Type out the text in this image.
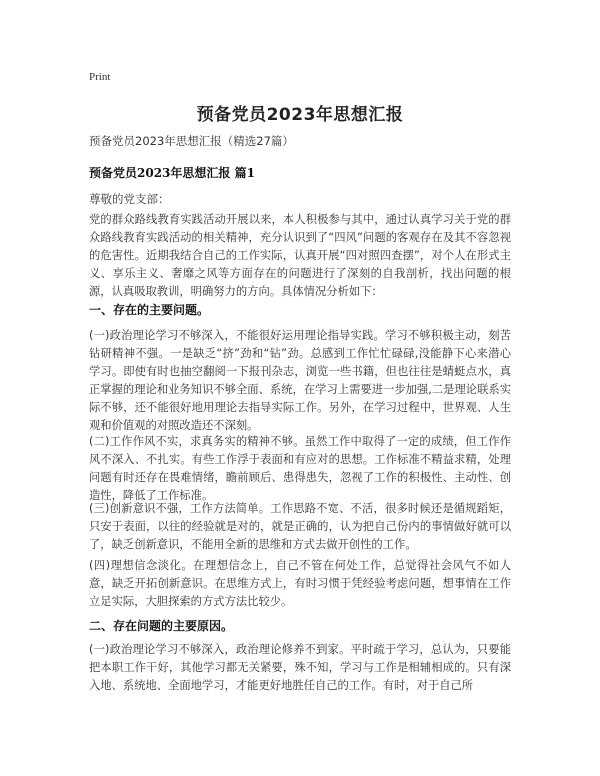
Print
预备党员2023年思想汇报
预备党员2023年思想汇报（精选27篇）
预备党员2023年思想汇报 篇1
尊敬的党支部：
党的群众路线教育实践活动开展以来，本人积极参与其中，通过认真学习关于党的群众路线教育实践活动的相关精神，充分认识到了“四风”问题的客观存在及其不容忽视的危害性。近期我结合自己的工作实际，认真开展“四对照四查摆”，对个人在形式主义、享乐主义、奢靡之风等方面存在的问题进行了深刻的自我剖析，找出问题的根源，认真吸取教训，明确努力的方向。具体情况分析如下：
一、存在的主要问题。
(一)政治理论学习不够深入，不能很好运用理论指导实践。学习不够积极主动，刻苦钻研精神不强。一是缺乏“挤”劲和“钻”劲。总感到工作忙忙碌碌,没能静下心来潜心学习。即使有时也抽空翻阅一下报刊杂志，浏览一些书籍，但也往往是蜻蜓点水，真正掌握的理论和业务知识不够全面、系统，在学习上需要进一步加强,二是理论联系实际不够，还不能很好地用理论去指导实际工作。另外，在学习过程中，世界观、人生观和价值观的对照改造还不深刻。
(二)工作作风不实，求真务实的精神不够。虽然工作中取得了一定的成绩，但工作作风不深入、不扎实。有些工作浮于表面和有应对的思想。工作标准不精益求精，处理问题有时还存在畏难情绪，瞻前顾后、患得患失，忽视了工作的积极性、主动性、创造性，降低了工作标准。
(三)创新意识不强，工作方法简单。工作思路不宽、不活，很多时候还是循规蹈矩，只安于表面，以往的经验就是对的，就是正确的，认为把自己份内的事情做好就可以了，缺乏创新意识，不能用全新的思维和方式去做开创性的工作。
(四)理想信念淡化。在理想信念上，自己不管在何处工作，总觉得社会风气不如人意，缺乏开拓创新意识。在思维方式上，有时习惯于凭经验考虑问题，想事情在工作立足实际，大胆探索的方式方法比较少。
二、存在问题的主要原因。
(一)政治理论学习不够深入，政治理论修养不到家。平时疏于学习，总认为，只要能把本职工作干好，其他学习都无关紧要，殊不知，学习与工作是相辅相成的。只有深入地、系统地、全面地学习，才能更好地胜任自己的工作。有时，对于自己所
